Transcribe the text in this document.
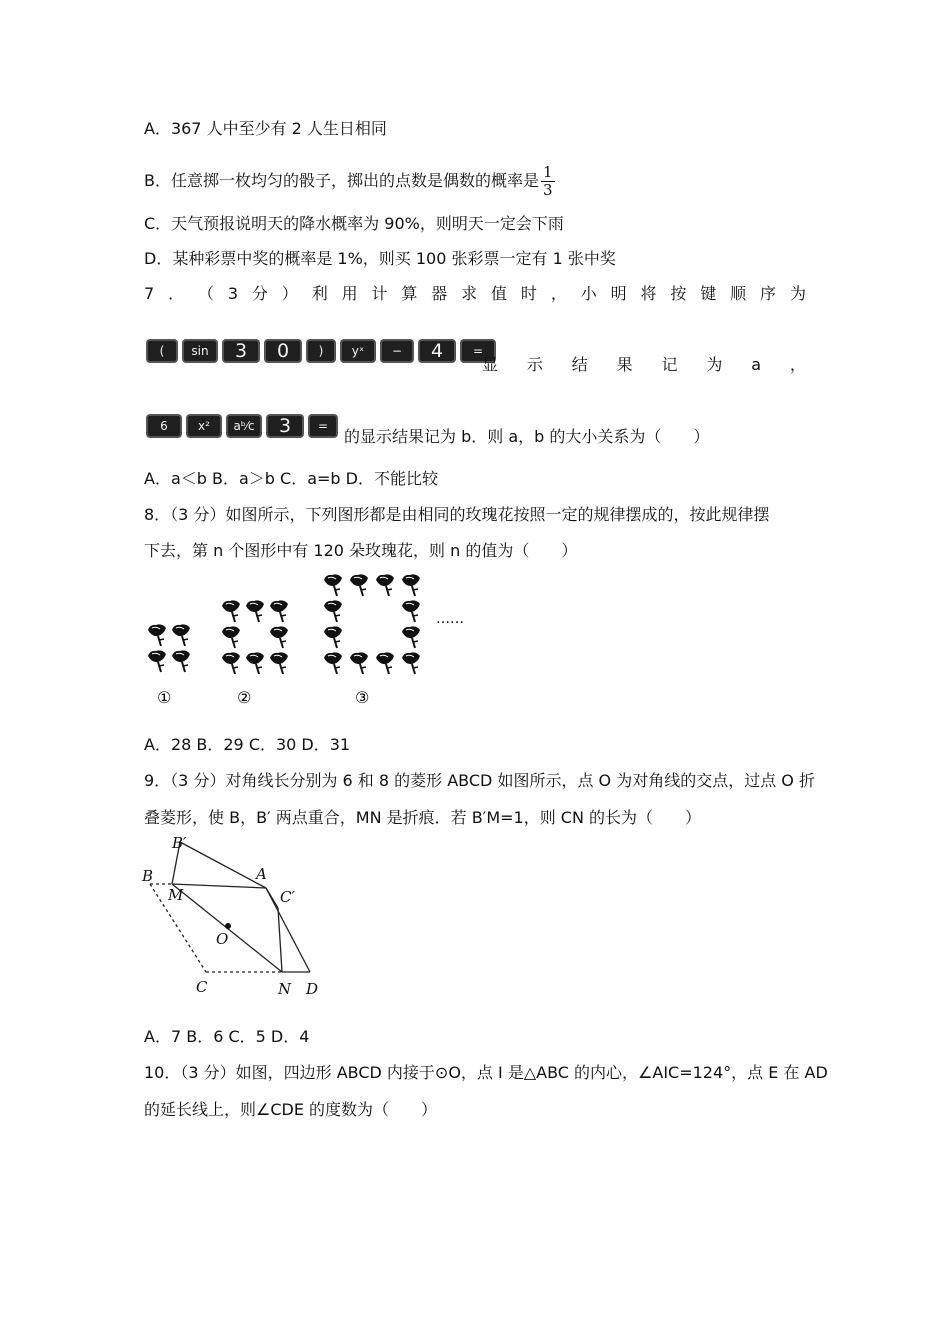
A．367 人中至少有 2 人生日相同
B．任意掷一枚均匀的骰子，掷出的点数是偶数的概率是 $\frac{1}{3}$
C．天气预报说明天的降水概率为 90%，则明天一定会下雨
D．某种彩票中奖的概率是 1%，则买 100 张彩票一定有 1 张中奖
7 ． （ 3 分 ） 利 用 计 算 器 求 值 时 ， 小 明 将 按 键 顺 序 为
(	sin	3	0	)	yˣ	−	4	=
显 示 结 果 记 为 a ，
6	x²	aᵇ⁄c	3	=
的显示结果记为 b．则 a，b 的大小关系为（　　）
A．a＜b B．a＞b C．a=b D．不能比较
8．（3 分）如图所示，下列图形都是由相同的玫瑰花按照一定的规律摆成的，按此规律摆
下去，第 n 个图形中有 120 朵玫瑰花，则 n 的值为（　　）
……
①	②	③
A．28 B．29 C．30 D．31
9．（3 分）对角线长分别为 6 和 8 的菱形 ABCD 如图所示，点 O 为对角线的交点，过点 O 折
叠菱形，使 B，B′ 两点重合，MN 是折痕．若 B′M=1，则 CN 的长为（　　）
B′
B	A
C′
M
O
C	N D
A．7 B．6 C．5 D．4
10．（3 分）如图，四边形 ABCD 内接于⊙O，点 I 是△ABC 的内心，∠AIC=124°，点 E 在 AD
的延长线上，则∠CDE 的度数为（　　）
